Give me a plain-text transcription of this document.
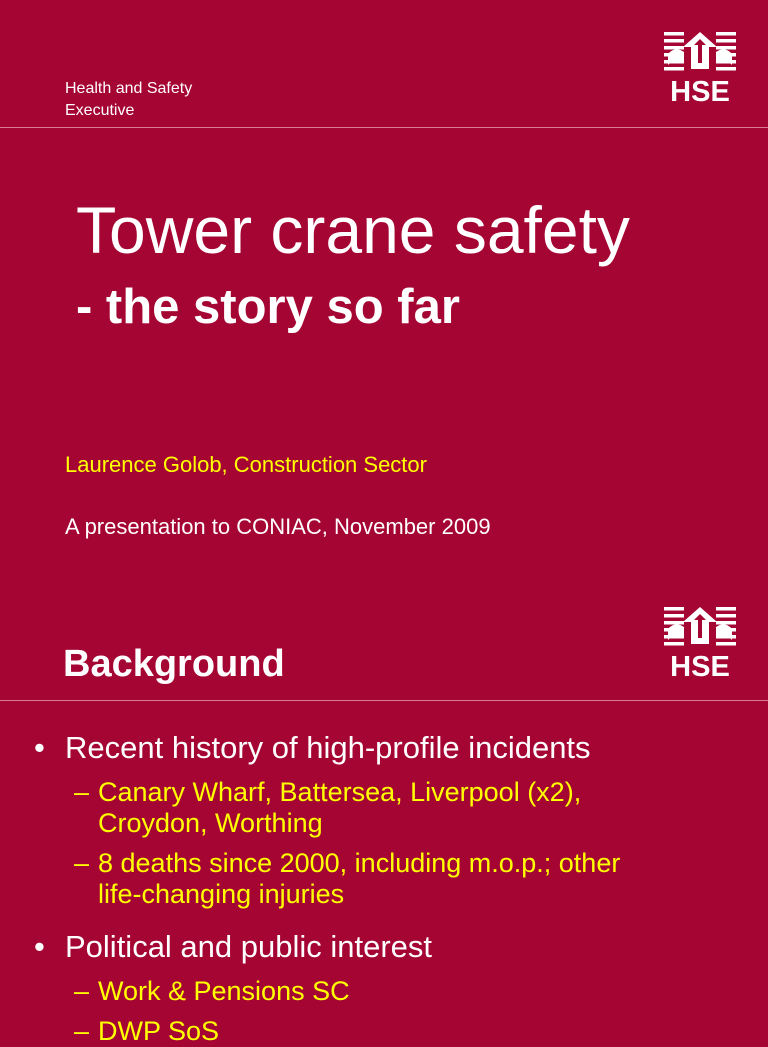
Health and Safety
Executive
HSE
Tower crane safety
- the story so far
Laurence Golob, Construction Sector
A presentation to CONIAC, November 2009
Background	HSE
• Recent history of high-profile incidents
– Canary Wharf, Battersea, Liverpool (x2),
Croydon, Worthing
– 8 deaths since 2000, including m.o.p.; other
life-changing injuries
• Political and public interest
– Work & Pensions SC
– DWP SoS
